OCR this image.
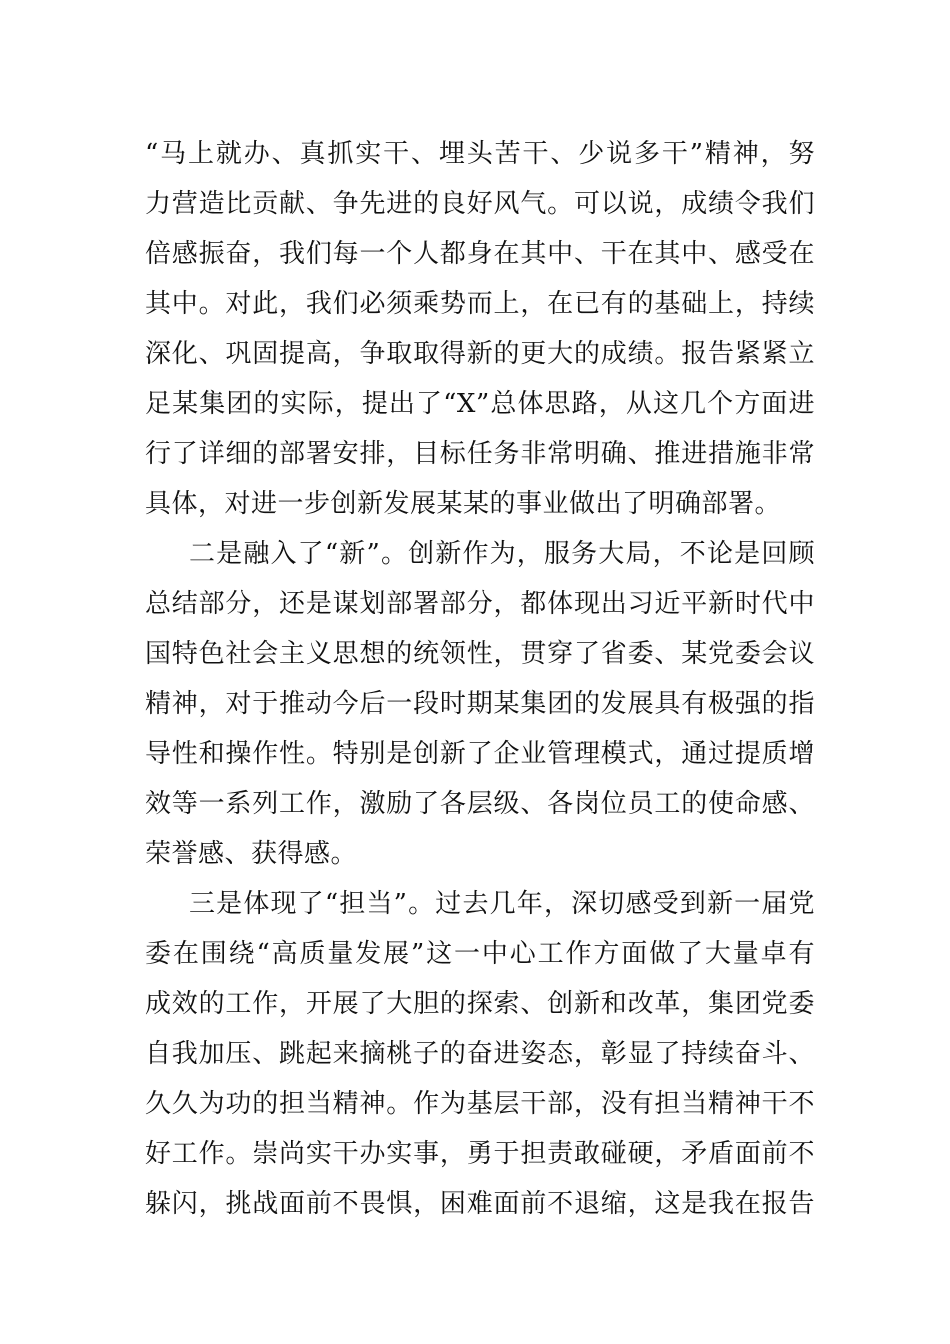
“马上就办、真抓实干、埋头苦干、少说多干”精神，努
力营造比贡献、争先进的良好风气。可以说，成绩令我们
倍感振奋，我们每一个人都身在其中、干在其中、感受在
其中。对此，我们必须乘势而上，在已有的基础上，持续
深化、巩固提高，争取取得新的更大的成绩。报告紧紧立
足某集团的实际，提出了“X”总体思路，从这几个方面进
行了详细的部署安排，目标任务非常明确、推进措施非常
具体，对进一步创新发展某某的事业做出了明确部署。
二是融入了“新”。创新作为，服务大局，不论是回顾
总结部分，还是谋划部署部分，都体现出习近平新时代中
国特色社会主义思想的统领性，贯穿了省委、某党委会议
精神，对于推动今后一段时期某集团的发展具有极强的指
导性和操作性。特别是创新了企业管理模式，通过提质增
效等一系列工作，激励了各层级、各岗位员工的使命感、
荣誉感、获得感。
三是体现了“担当”。过去几年，深切感受到新一届党
委在围绕“高质量发展”这一中心工作方面做了大量卓有
成效的工作，开展了大胆的探索、创新和改革，集团党委
自我加压、跳起来摘桃子的奋进姿态，彰显了持续奋斗、
久久为功的担当精神。作为基层干部，没有担当精神干不
好工作。崇尚实干办实事，勇于担责敢碰硬，矛盾面前不
躲闪，挑战面前不畏惧，困难面前不退缩，这是我在报告
